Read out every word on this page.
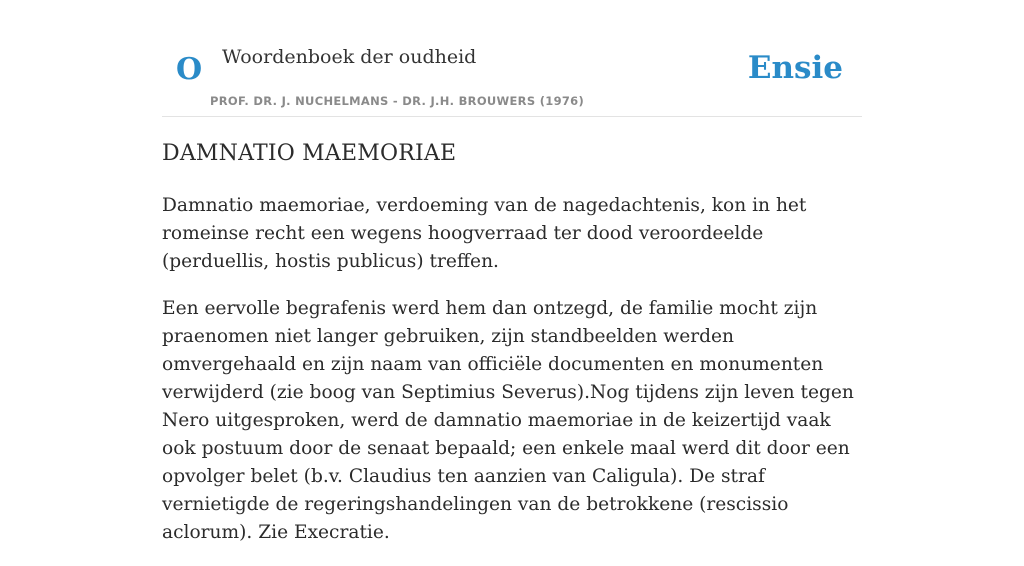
O Woordenboek der oudheid
PROF. DR. J. NUCHELMANS - DR. J.H. BROUWERS (1976)
Ensie
DAMNATIO MAEMORIAE

Damnatio maemoriae, verdoeming van de nagedachtenis, kon in het romeinse recht een wegens hoogverraad ter dood veroordeelde (perduellis, hostis publicus) treffen.

Een eervolle begrafenis werd hem dan ontzegd, de familie mocht zijn praenomen niet langer gebruiken, zijn standbeelden werden omvergehaald en zijn naam van officiële documenten en monumenten verwijderd (zie boog van Septimius Severus).Nog tijdens zijn leven tegen Nero uitgesproken, werd de damnatio maemoriae in de keizertijd vaak ook postuum door de senaat bepaald; een enkele maal werd dit door een opvolger belet (b.v. Claudius ten aanzien van Caligula). De straf vernietigde de regeringshandelingen van de betrokkene (rescissio aclorum). Zie Execratie.
